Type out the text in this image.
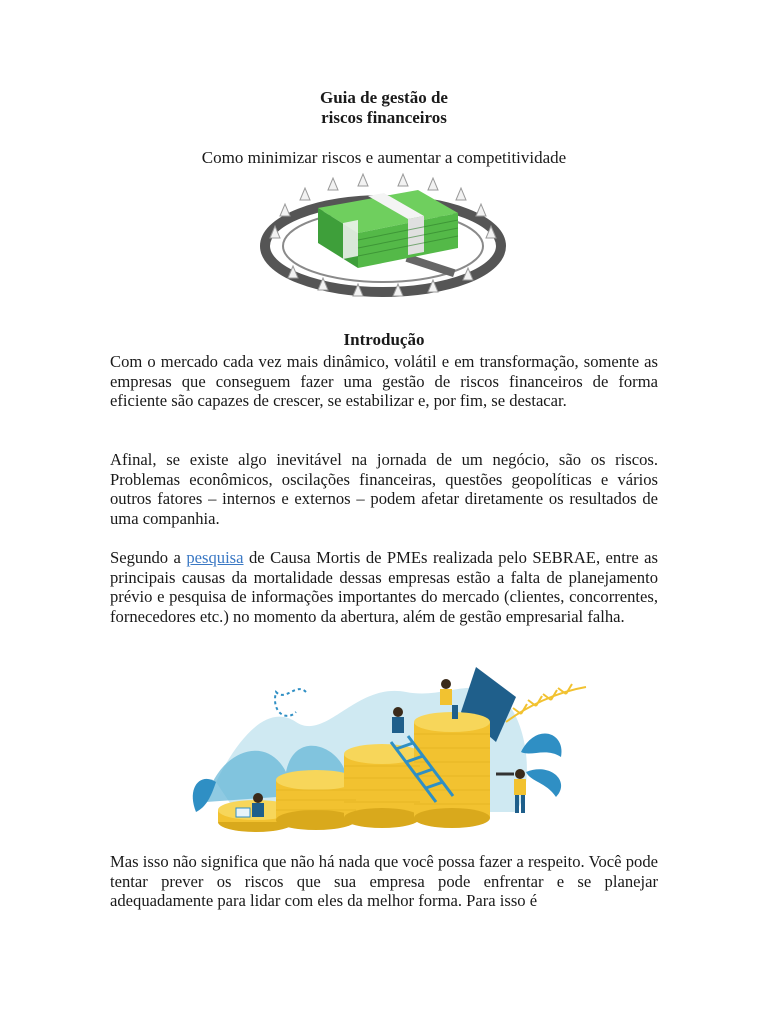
Guia de gestão de
riscos financeiros
Como minimizar riscos e aumentar a competitividade
Introdução

Com o mercado cada vez mais dinâmico, volátil e em transformação, somente as empresas que conseguem fazer uma gestão de riscos financeiros de forma eficiente são capazes de crescer, se estabilizar e, por fim, se destacar.

Afinal, se existe algo inevitável na jornada de um negócio, são os riscos. Problemas econômicos, oscilações financeiras, questões geopolíticas e vários outros fatores – internos e externos – podem afetar diretamente os resultados de uma companhia.

Segundo a pesquisa de Causa Mortis de PMEs realizada pelo SEBRAE, entre as principais causas da mortalidade dessas empresas estão a falta de planejamento prévio e pesquisa de informações importantes do mercado (clientes, concorrentes, fornecedores etc.) no momento da abertura, além de gestão empresarial falha.

Mas isso não significa que não há nada que você possa fazer a respeito. Você pode tentar prever os riscos que sua empresa pode enfrentar e se planejar adequadamente para lidar com eles da melhor forma. Para isso é
